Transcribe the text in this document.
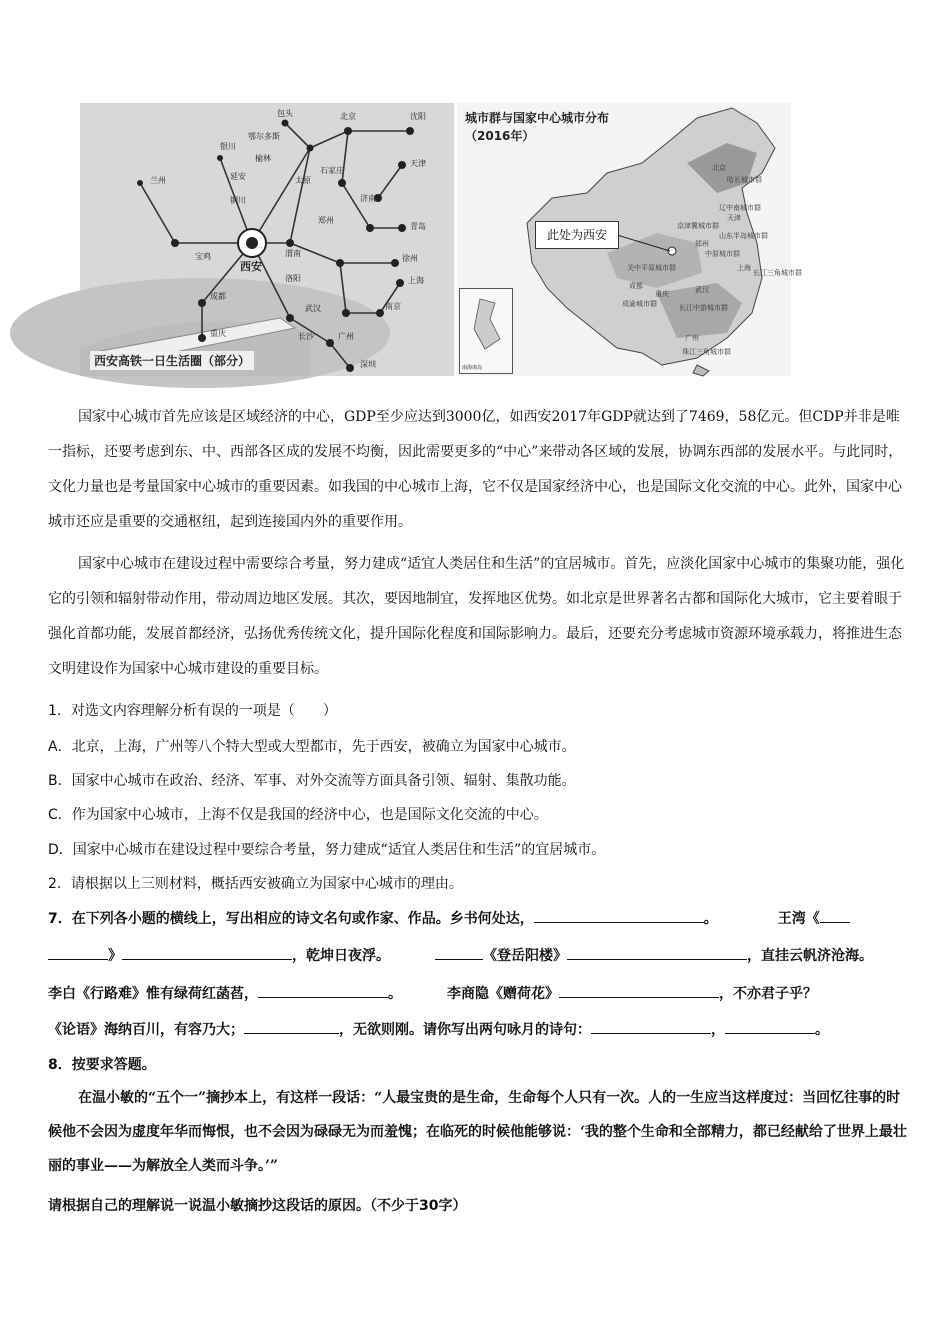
西安
包头	北京	沈阳
鄂尔多斯
银川
石家庄
天津
榆林
兰州	延安	太原
济南
青岛
铜川
郑州
宝鸡	渭南
徐州
洛阳
武汉
成都
重庆	长沙
南京
上海
广州
深圳
西安高铁一日生活圈（部分）
城市群与国家中心城市分布
（2016年）
此处为西安
哈长城市群
辽中南城市群
京津冀城市群
山东半岛城市群
中原城市群
关中平原城市群
长江三角城市群
成渝城市群	长江中游城市群
珠江三角城市群
北京
天津
郑州
上海
成都
重庆	武汉
广州
南海诸岛
国家中心城市首先应该是区域经济的中心，GDP至少应达到3000亿，如西安2017年GDP就达到了7469，58亿元。但CDP并非是唯一指标，还要考虑到东、中、西部各区成的发展不均衡，因此需要更多的“中心”来带动各区域的发展，协调东西部的发展水平。与此同时，文化力量也是考量国家中心城市的重要因素。如我国的中心城市上海，它不仅是国家经济中心，也是国际文化交流的中心。此外，国家中心城市还应是重要的交通枢纽，起到连接国内外的重要作用。
国家中心城市在建设过程中需要综合考量，努力建成“适宜人类居住和生活”的宜居城市。首先，应淡化国家中心城市的集聚功能，强化它的引领和辐射带动作用，带动周边地区发展。其次，要因地制宜，发挥地区优势。如北京是世界著名古都和国际化大城市，它主要着眼于强化首都功能，发展首都经济，弘扬优秀传统文化，提升国际化程度和国际影响力。最后，还要充分考虑城市资源环境承载力，将推进生态文明建设作为国家中心城市建设的重要目标。
1．对选文内容理解分析有误的一项是（　　）
A．北京，上海，广州等八个特大型或大型都市，先于西安，被确立为国家中心城市。
B．国家中心城市在政治、经济、军事、对外交流等方面具备引领、辐射、集散功能。
C．作为国家中心城市，上海不仅是我国的经济中心，也是国际文化交流的中心。
D．国家中心城市在建设过程中要综合考量，努力建成“适宜人类居住和生活”的宜居城市。
2．请根据以上三则材料，概括西安被确立为国家中心城市的理由。
7．在下列各小题的横线上，写出相应的诗文名句或作家、作品。乡书何处达，	。	王湾《
》	，乾坤日夜浮。	《登岳阳楼》	，直挂云帆济沧海。
李白《行路难》惟有绿荷红菡萏，	。	李商隐《赠荷花》	，不亦君子乎？
《论语》海纳百川，有容乃大；	，无欲则刚。请你写出两句咏月的诗句：	，	。
8．按要求答题。
在温小敏的“五个一”摘抄本上，有这样一段话：“人最宝贵的是生命，生命每个人只有一次。人的一生应当这样度过：当回忆往事的时候他不会因为虚度年华而悔恨，也不会因为碌碌无为而羞愧；在临死的时候他能够说：‘我的整个生命和全部精力，都已经献给了世界上最壮丽的事业——为解放全人类而斗争。’”
请根据自己的理解说一说温小敏摘抄这段话的原因。（不少于30字）
